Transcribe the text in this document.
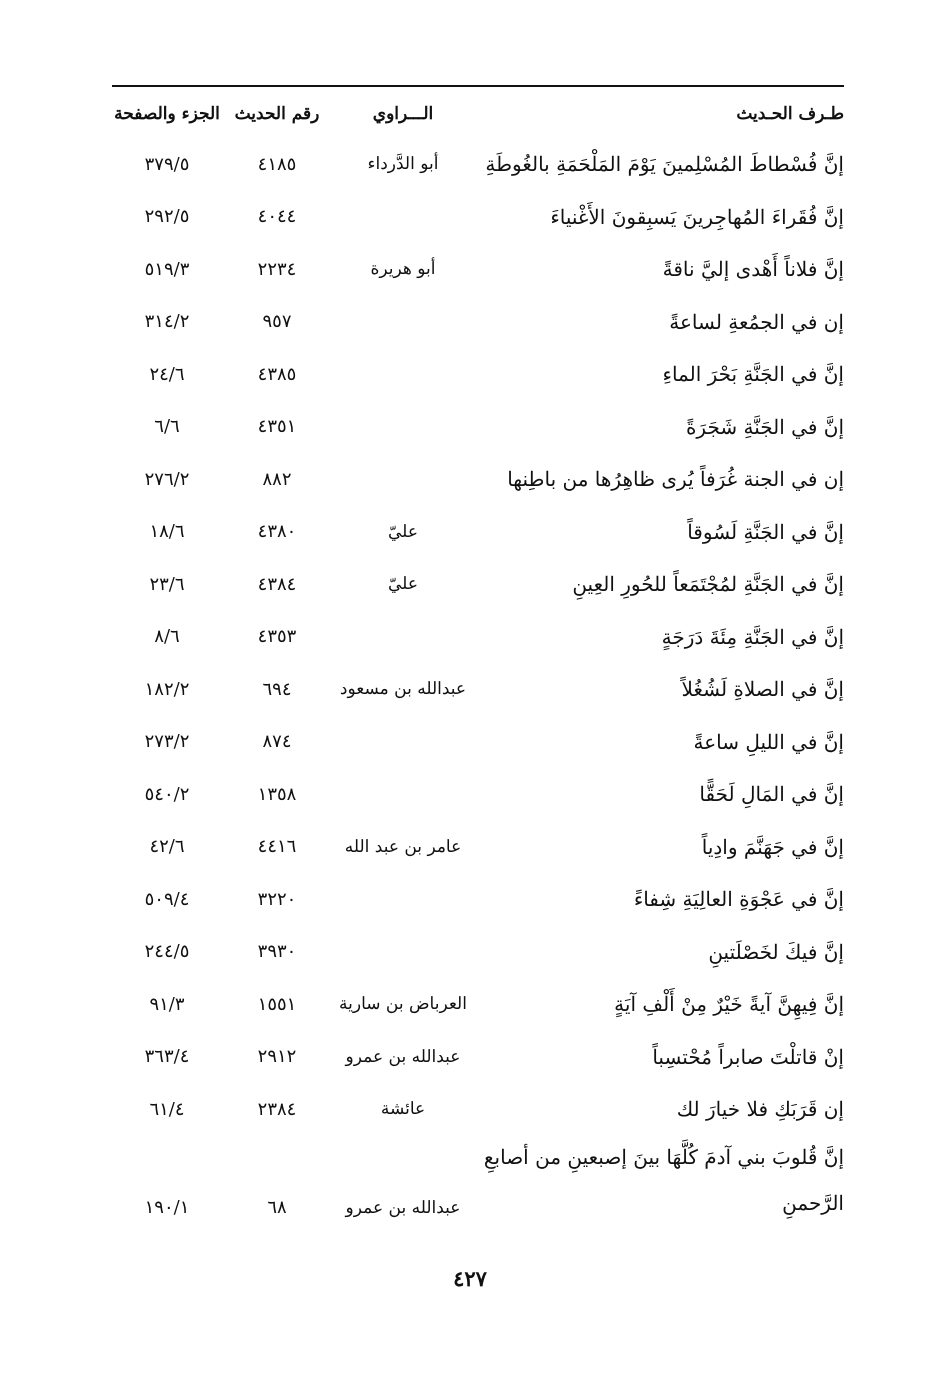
طـرف الحـديث
الـــراوي
رقم الحديث
الجزء والصفحة
إنَّ فُسْطاطَ المُسْلِمينَ يَوْمَ المَلْحَمَةِ بالغُوطَةِ
أبو الدَّرداء
٤١٨٥
٣٧٩/٥
إنَّ فُقَراءَ المُهاجِرينَ يَسبِقونَ الأَغْنياءَ
٤٠٤٤
٢٩٢/٥
إنَّ فلاناً أَهْدى إليَّ ناقةً
أبو هريرة
٢٢٣٤
٥١٩/٣
إن في الجمُعةِ لساعةً
٩٥٧
٣١٤/٢
إنَّ في الجَنَّةِ بَحْرَ الماءِ
٤٣٨٥
٢٤/٦
إنَّ في الجَنَّةِ شَجَرَةً
٤٣٥١
٦/٦
إن في الجنة غُرَفاً يُرى ظاهِرُها من باطِنها
٨٨٢
٢٧٦/٢
إنَّ في الجَنَّةِ لَسُوقاً
عليّ
٤٣٨٠
١٨/٦
إنَّ في الجَنَّةِ لمُجْتَمَعاً للحُورِ العِينِ
عليّ
٤٣٨٤
٢٣/٦
إنَّ في الجَنَّةِ مِئَةَ دَرَجَةٍ
٤٣٥٣
٨/٦
إنَّ في الصلاةِ لَشُغُلاً
عبدالله بن مسعود
٦٩٤
١٨٢/٢
إنَّ في الليلِ ساعةً
٨٧٤
٢٧٣/٢
إنَّ في المَالِ لَحَقًّا
١٣٥٨
٥٤٠/٢
إنَّ في جَهَنَّمَ وادِياً
عامر بن عبد الله
٤٤١٦
٤٢/٦
إنَّ في عَجْوَةِ العالِيَةِ شِفاءً
٣٢٢٠
٥٠٩/٤
إنَّ فيكَ لخَصْلَتينِ
٣٩٣٠
٢٤٤/٥
إنَّ فِيهِنَّ آيةً خَيْرٌ مِنْ أَلْفِ آيَةٍ
العرباض بن سارية
١٥٥١
٩١/٣
إنْ قاتلْتَ صابراً مُحْتسِباً
عبدالله بن عمرو
٢٩١٢
٣٦٣/٤
إن قَرَبَكِ فلا خيارَ لك
عائشة
٢٣٨٤
٦١/٤
إنَّ قُلوبَ بني آدمَ كُلَّهَا بينَ إصبعينِ من أصابعِ
الرَّحمنِ
عبدالله بن عمرو
٦٨
١٩٠/١
٤٢٧
